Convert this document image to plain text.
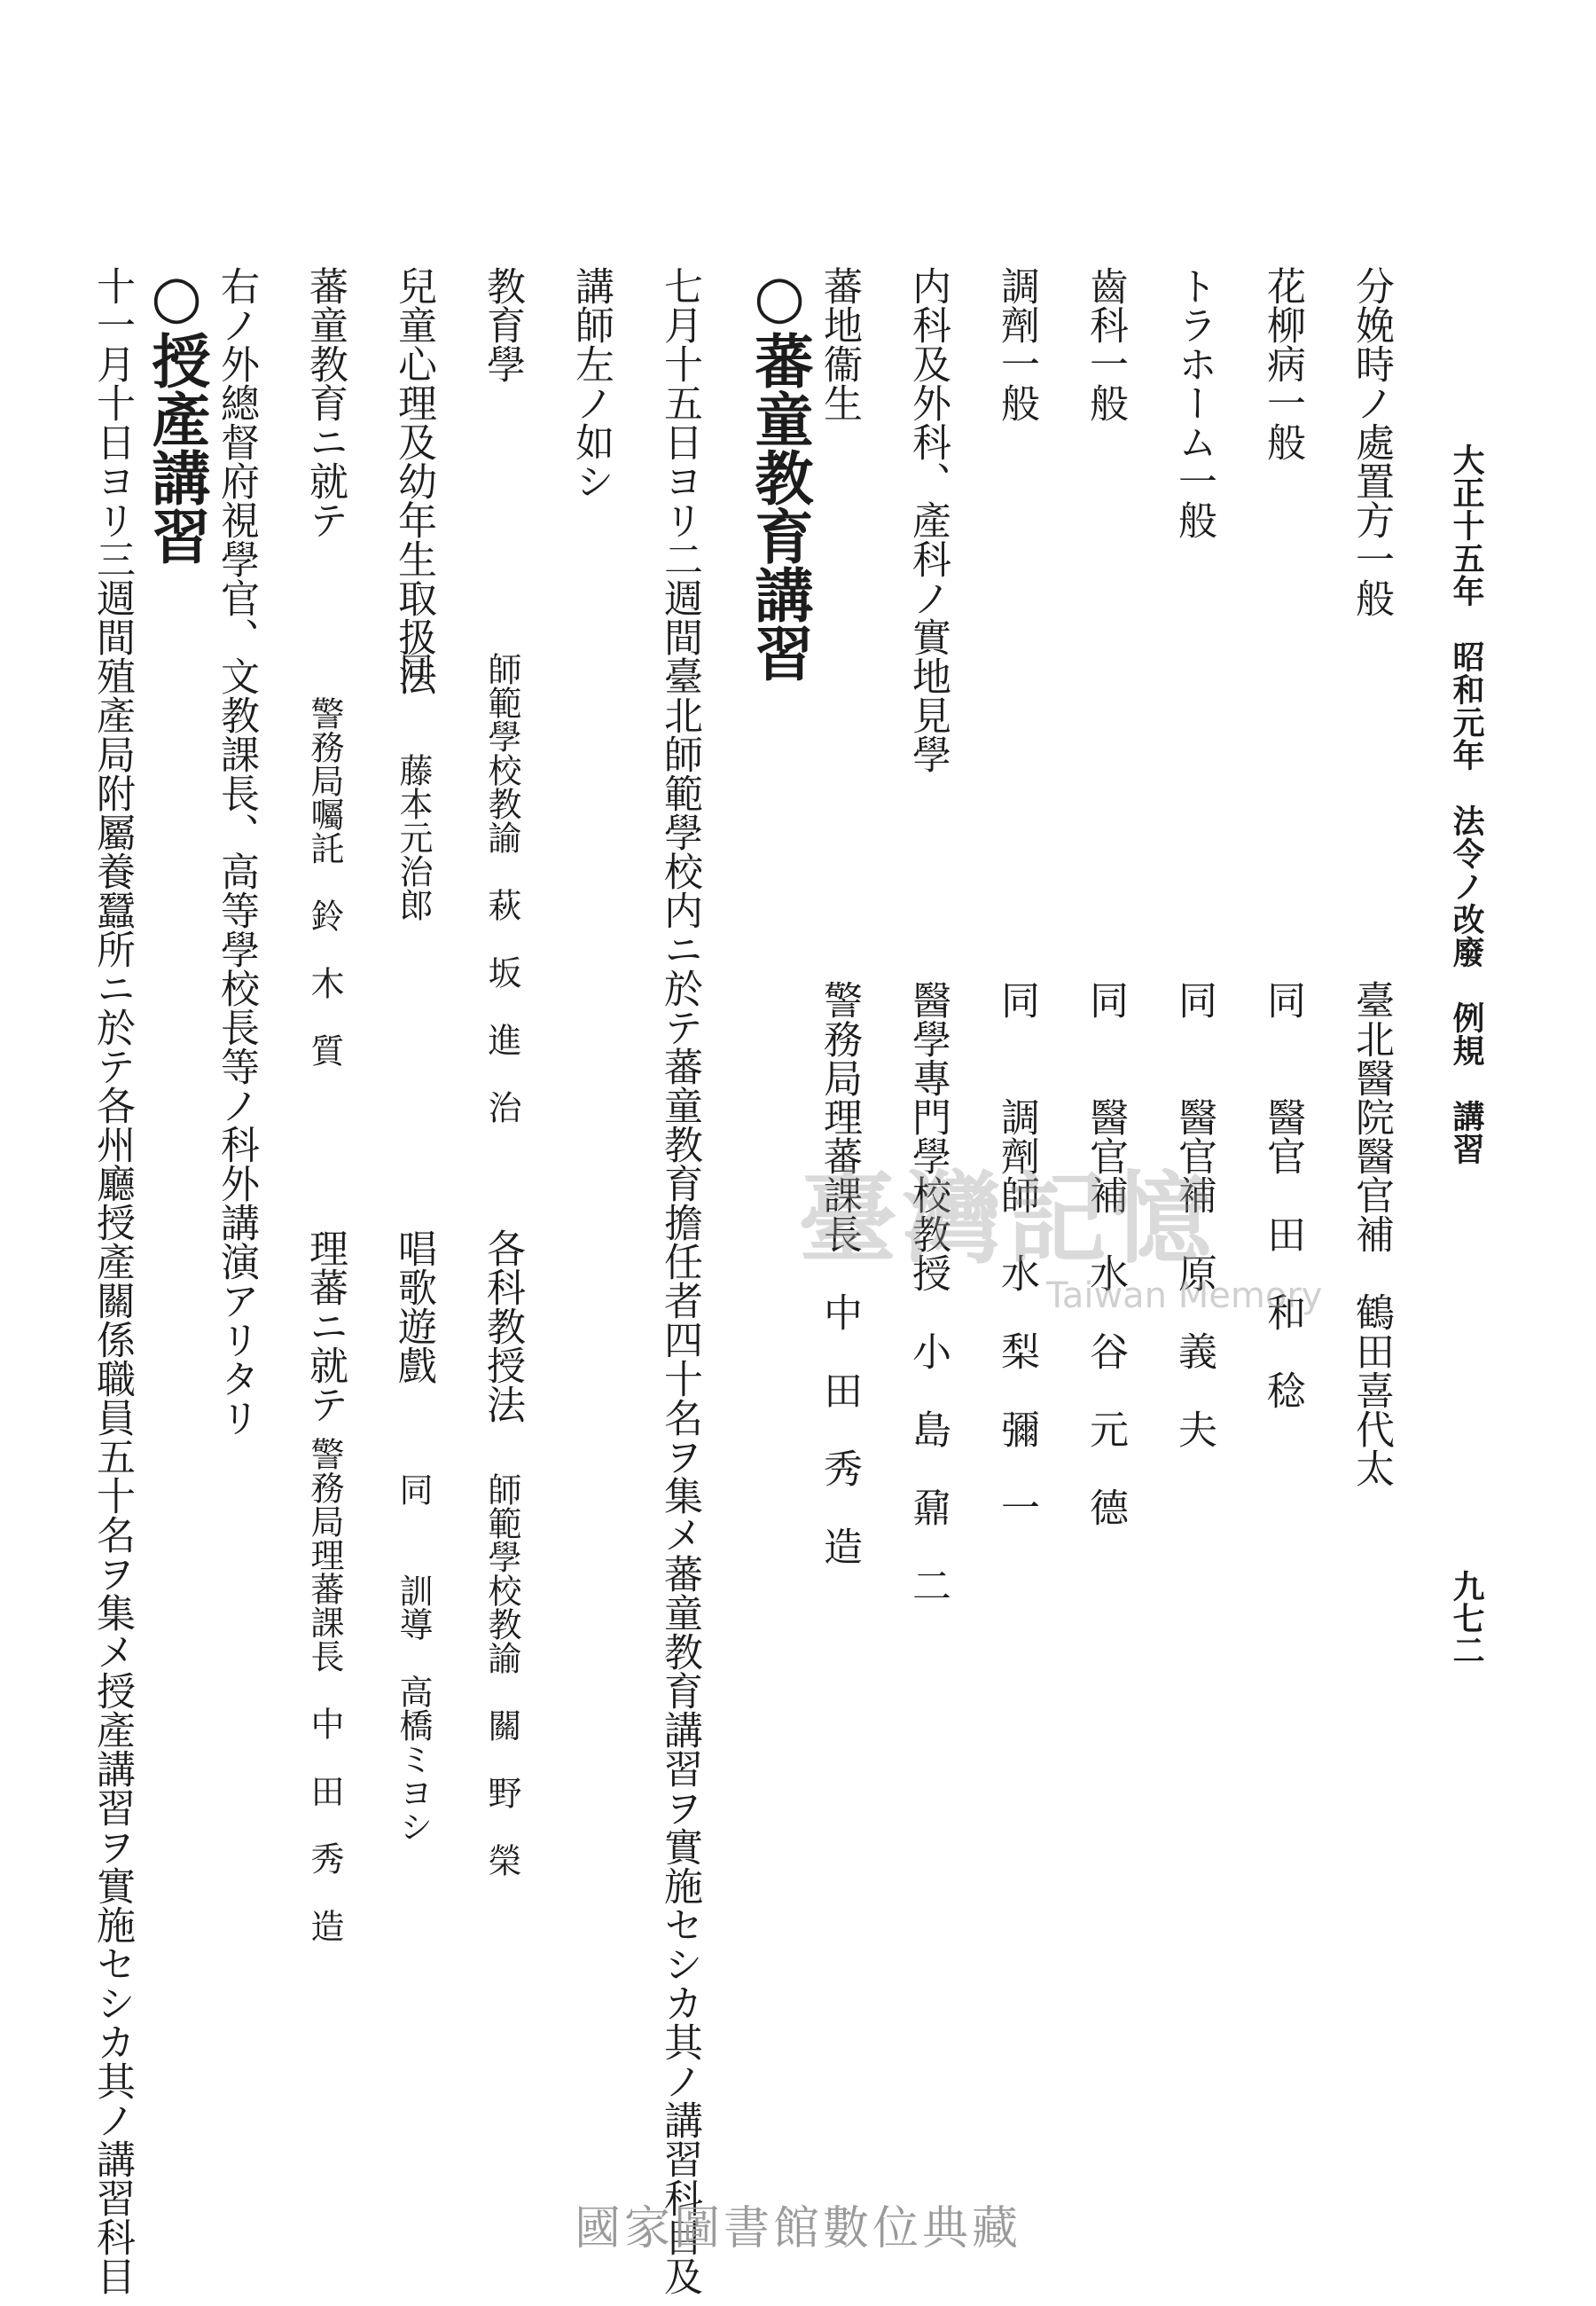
大正十五年　昭和元年　法令ノ改廢　例規　講習
九七二
分娩時ノ處置方一般
臺北醫院醫官補　鶴田喜代太
花柳病一般
同　　醫官　田　和　稔
トラホーム一般
同　　醫官補　原　義　夫
齒科一般
同　　醫官補　水　谷　元　德
調劑一般
同　　調劑師　水　梨　彌　一
内科及外科、產科ノ實地見學
醫學專門學校教授　小　島　鼐　二
蕃地衞生
警務局理蕃課長　中　田　秀　造
○蕃童教育講習
七月十五日ヨリ二週間臺北師範學校内ニ於テ蕃童教育擔任者四十名ヲ集メ蕃童教育講習ヲ實施セシカ其ノ講習科目及
講師左ノ如シ
教育學
師範學校教諭　萩　坂　進　治
各科教授法
師範學校教諭　關　野　榮
兒童心理及幼年生取扱法
同　　藤本元治郎
唱歌遊戲
同　　訓導　高橋ミヨシ
蕃童教育ニ就テ
警務局囑託　鈴　木　質
理蕃ニ就テ
警務局理蕃課長　中　田　秀　造
右ノ外總督府視學官、文教課長、高等學校長等ノ科外講演アリタリ
○授產講習
十一月十日ヨリ三週間殖產局附屬養蠶所ニ於テ各州廳授產關係職員五十名ヲ集メ授產講習ヲ實施セシカ其ノ講習科目	臺灣記憶
Taiwan Memory
國家圖書館數位典藏
